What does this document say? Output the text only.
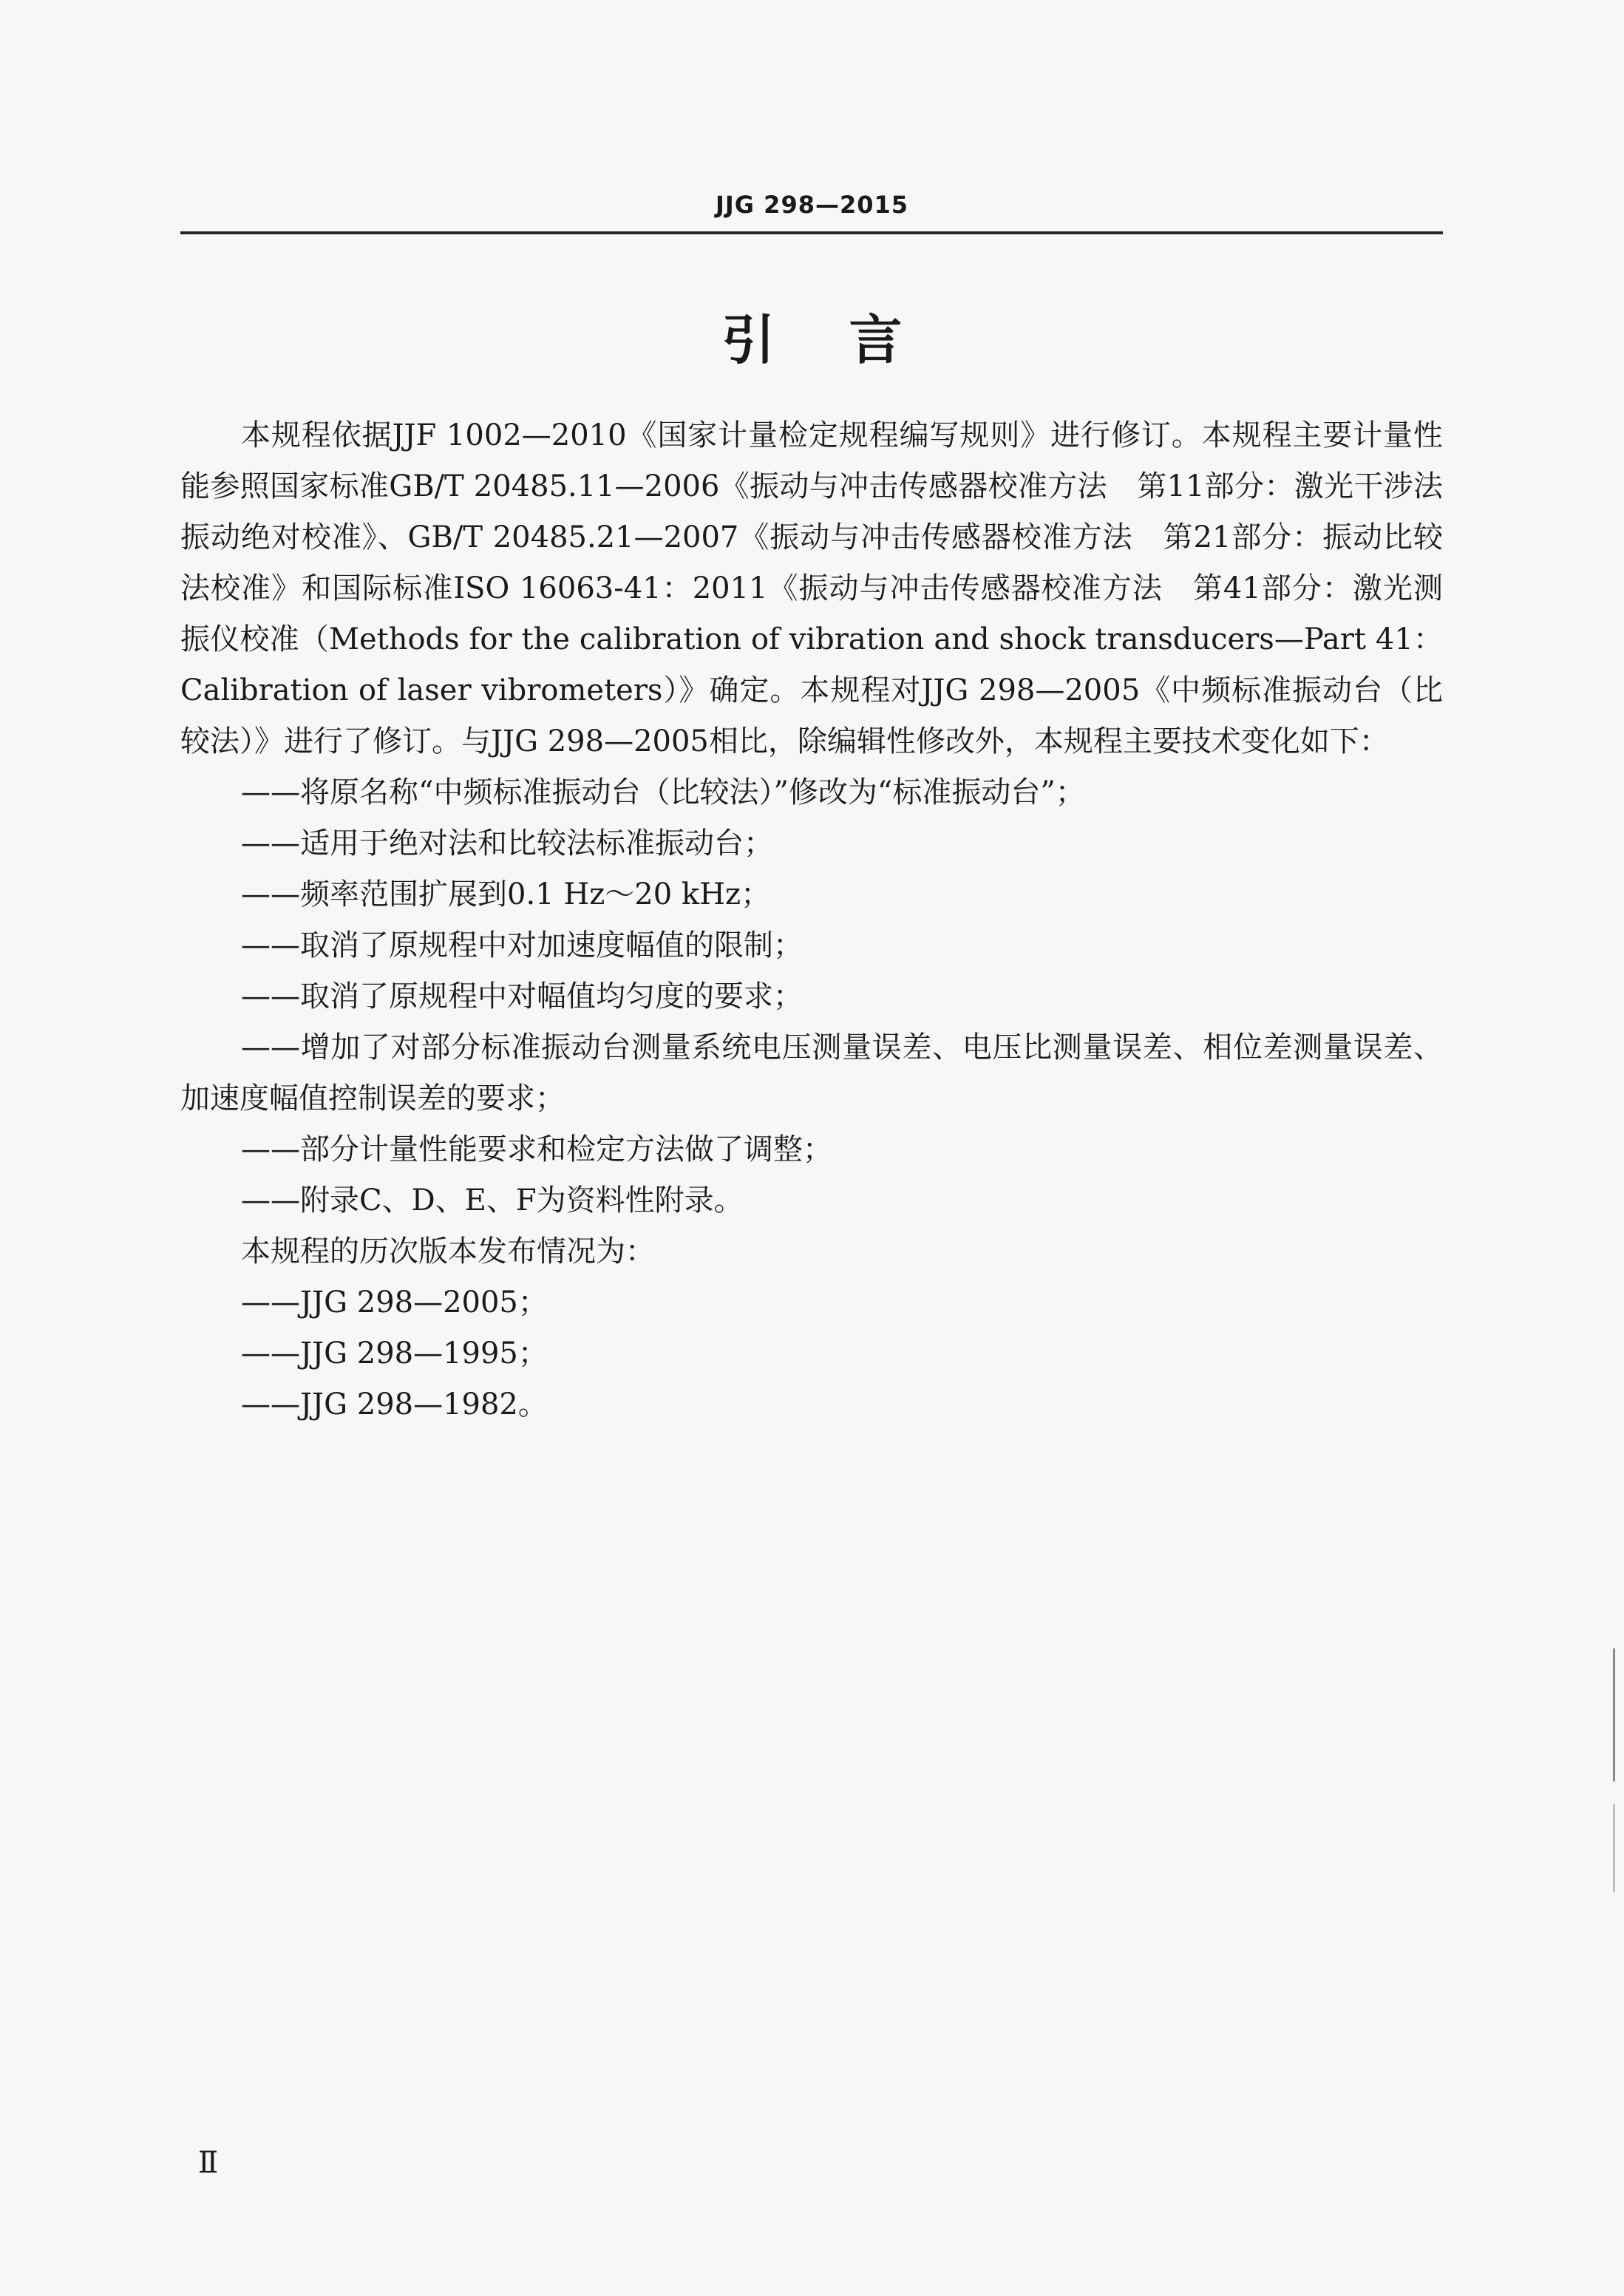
JJG 298—2015
引言

本规程依据JJF 1002—2010《国家计量检定规程编写规则》进行修订。本规程主要计量性能参照国家标准GB/T 20485.11—2006《振动与冲击传感器校准方法　第11部分：激光干涉法振动绝对校准》、GB/T 20485.21—2007《振动与冲击传感器校准方法　第21部分：振动比较法校准》和国际标准ISO 16063-41：2011《振动与冲击传感器校准方法　第41部分：激光测振仪校准（Methods for the calibration of vibration and shock transducers—Part 41：Calibration of laser vibrometers）》确定。本规程对JJG 298—2005《中频标准振动台（比较法）》进行了修订。与JJG 298—2005相比，除编辑性修改外，本规程主要技术变化如下：

——将原名称“中频标准振动台（比较法）”修改为“标准振动台”；

——适用于绝对法和比较法标准振动台；

——频率范围扩展到0.1 Hz～20 kHz；

——取消了原规程中对加速度幅值的限制；

——取消了原规程中对幅值均匀度的要求；

——增加了对部分标准振动台测量系统电压测量误差、电压比测量误差、相位差测量误差、加速度幅值控制误差的要求；

——部分计量性能要求和检定方法做了调整；

——附录C、D、E、F为资料性附录。

本规程的历次版本发布情况为：

——JJG 298—2005；

——JJG 298—1995；

——JJG 298—1982。

Ⅱ
